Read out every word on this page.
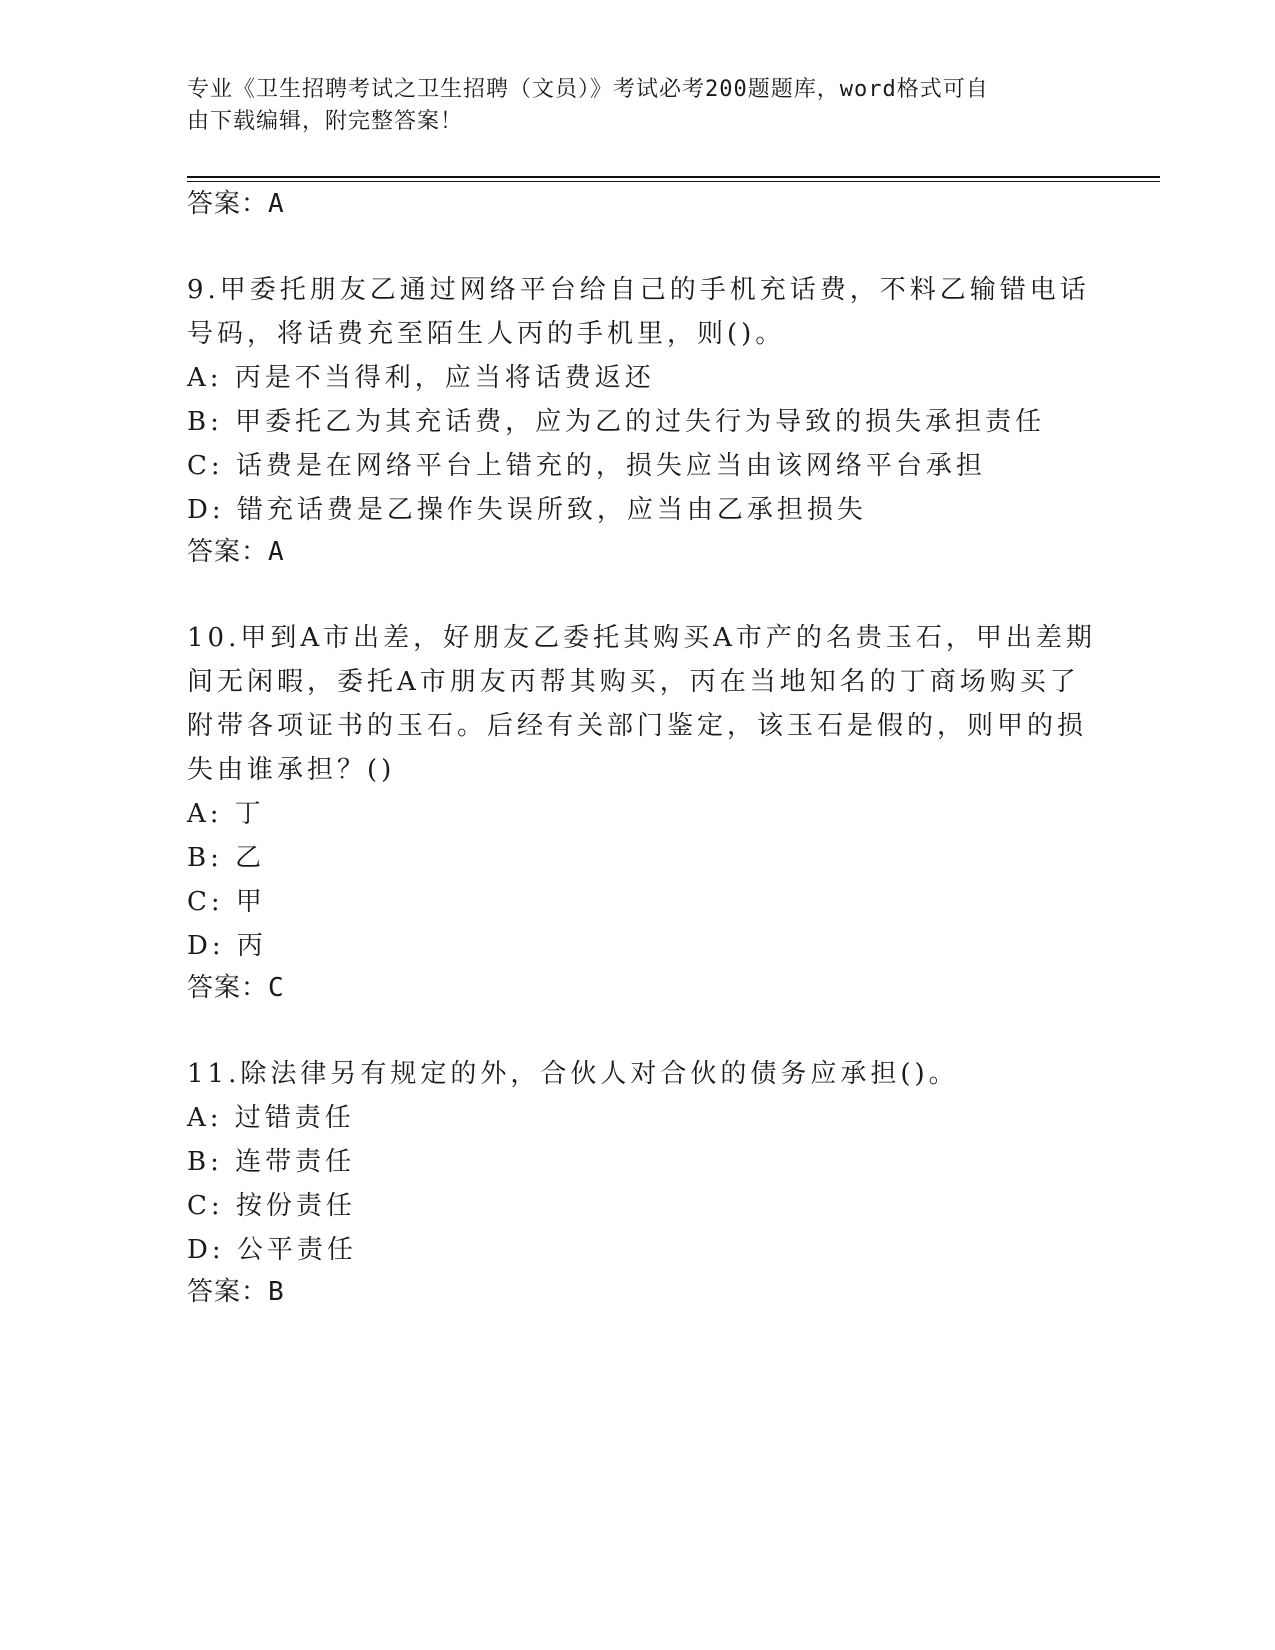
专业《卫生招聘考试之卫生招聘（文员）》考试必考200题题库，word格式可自
由下载编辑，附完整答案！
答案：A
9.甲委托朋友乙通过网络平台给自己的手机充话费，不料乙输错电话
号码，将话费充至陌生人丙的手机里，则()。
A: 丙是不当得利，应当将话费返还
B: 甲委托乙为其充话费，应为乙的过失行为导致的损失承担责任
C: 话费是在网络平台上错充的，损失应当由该网络平台承担
D: 错充话费是乙操作失误所致，应当由乙承担损失
答案：A
10.甲到A市出差，好朋友乙委托其购买A市产的名贵玉石，甲出差期
间无闲暇，委托A市朋友丙帮其购买，丙在当地知名的丁商场购买了
附带各项证书的玉石。后经有关部门鉴定，该玉石是假的，则甲的损
失由谁承担？()
A: 丁
B: 乙
C: 甲
D: 丙
答案：C
11.除法律另有规定的外，合伙人对合伙的债务应承担()。
A: 过错责任
B: 连带责任
C: 按份责任
D: 公平责任
答案：B
